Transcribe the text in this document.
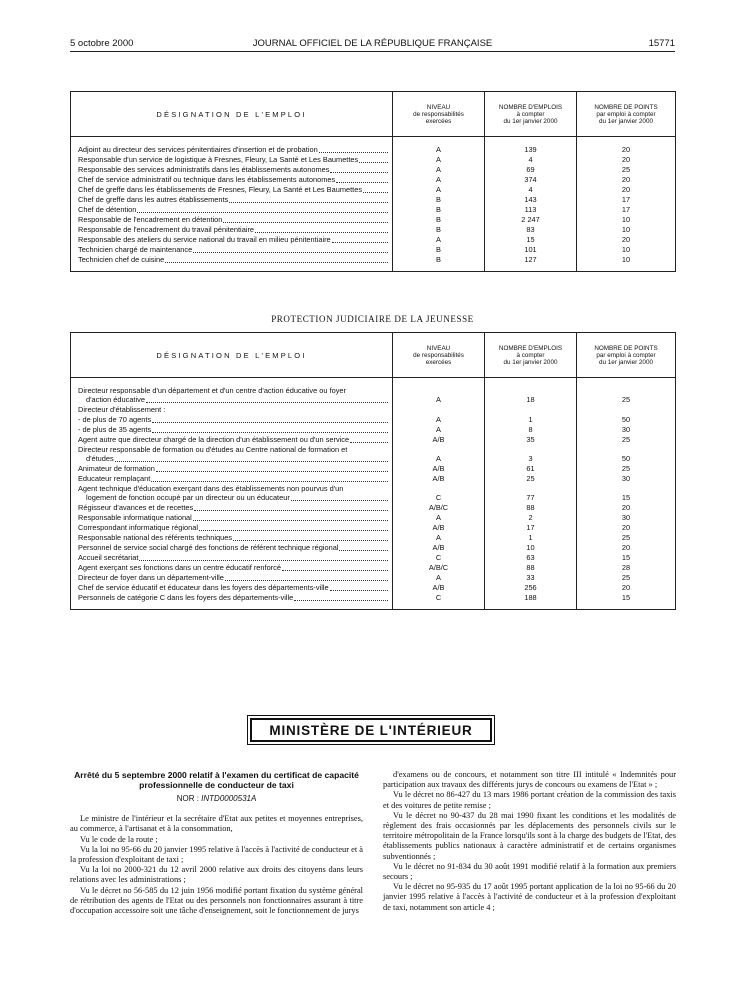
5 octobre 2000	JOURNAL OFFICIEL DE LA RÉPUBLIQUE FRANÇAISE	15771
DÉSIGNATION DE L'EMPLOI	NIVEAU
de responsabilités
exercées	NOMBRE D'EMPLOIS
à compter
du 1er janvier 2000	NOMBRE DE POINTS
par emploi à compter
du 1er janvier 2000

Adjoint au directeur des services pénitentiaires d'insertion et de probation	A	139	20

Responsable d'un service de logistique à Fresnes, Fleury, La Santé et Les Baumettes	A	4	20

Responsable des services administratifs dans les établissements autonomes	A	69	25

Chef de service administratif ou technique dans les établissements autonomes	A	374	20

Chef de greffe dans les établissements de Fresnes, Fleury, La Santé et Les Baumettes	A	4	20

Chef de greffe dans les autres établissements	B	143	17

Chef de détention	B	113	17

Responsable de l'encadrement en détention	B	2 247	10

Responsable de l'encadrement du travail pénitentiaire	B	83	10

Responsable des ateliers du service national du travail en milieu pénitentiaire	A	15	20

Technicien chargé de maintenance	B	101	10

Technicien chef de cuisine	B	127	10
PROTECTION JUDICIAIRE DE LA JEUNESSE
DÉSIGNATION DE L'EMPLOI	NIVEAU
de responsabilités
exercées	NOMBRE D'EMPLOIS
à compter
du 1er janvier 2000	NOMBRE DE POINTS
par emploi à compter
du 1er janvier 2000

Directeur responsable d'un département et d'un centre d'action éducative ou foyer
d'action éducative	A	18	25

Directeur d'établissement :			

- de plus de 70 agents	A	1	50

- de plus de 35 agents	A	8	30

Agent autre que directeur chargé de la direction d'un établissement ou d'un service	A/B	35	25

Directeur responsable de formation ou d'études au Centre national de formation et
d'études	A	3	50

Animateur de formation	A/B	61	25

Educateur remplaçant	A/B	25	30

Agent technique d'éducation exerçant dans des établissements non pourvus d'un
logement de fonction occupé par un directeur ou un éducateur	C	77	15

Régisseur d'avances et de recettes	A/B/C	88	20

Responsable informatique national	A	2	30

Correspondant informatique régional	A/B	17	20

Responsable national des référents techniques	A	1	25

Personnel de service social chargé des fonctions de référent technique régional	A/B	10	20

Accueil secrétariat	C	63	15

Agent exerçant ses fonctions dans un centre éducatif renforcé	A/B/C	88	28

Directeur de foyer dans un département-ville	A	33	25

Chef de service éducatif et éducateur dans les foyers des départements-ville	A/B	256	20

Personnels de catégorie C dans les foyers des départements-ville	C	188	15
MINISTÈRE DE L'INTÉRIEUR
Arrêté du 5 septembre 2000 relatif à l'examen du certificat de capacité professionnelle de conducteur de taxi
NOR : INTD0000531A

Le ministre de l'intérieur et la secrétaire d'Etat aux petites et moyennes entreprises, au commerce, à l'artisanat et à la consommation,

Vu le code de la route ;

Vu la loi no 95-66 du 20 janvier 1995 relative à l'accès à l'activité de conducteur et à la profession d'exploitant de taxi ;

Vu la loi no 2000-321 du 12 avril 2000 relative aux droits des citoyens dans leurs relations avec les administrations ;

Vu le décret no 56-585 du 12 juin 1956 modifié portant fixation du système général de rétribution des agents de l'Etat ou des personnels non fonctionnaires assurant à titre d'occupation accessoire soit une tâche d'enseignement, soit le fonctionnement de jurys

d'examens ou de concours, et notamment son titre III intitulé « Indemnités pour participation aux travaux des différents jurys de concours ou examens de l'Etat » ;

Vu le décret no 86-427 du 13 mars 1986 portant création de la commission des taxis et des voitures de petite remise ;

Vu le décret no 90-437 du 28 mai 1990 fixant les conditions et les modalités de règlement des frais occasionnés par les déplacements des personnels civils sur le territoire métropolitain de la France lorsqu'ils sont à la charge des budgets de l'Etat, des établissements publics nationaux à caractère administratif et de certains organismes subventionnés ;

Vu le décret no 91-834 du 30 août 1991 modifié relatif à la formation aux premiers secours ;

Vu le décret no 95-935 du 17 août 1995 portant application de la loi no 95-66 du 20 janvier 1995 relative à l'accès à l'activité de conducteur et à la profession d'exploitant de taxi, notamment son article 4 ;
